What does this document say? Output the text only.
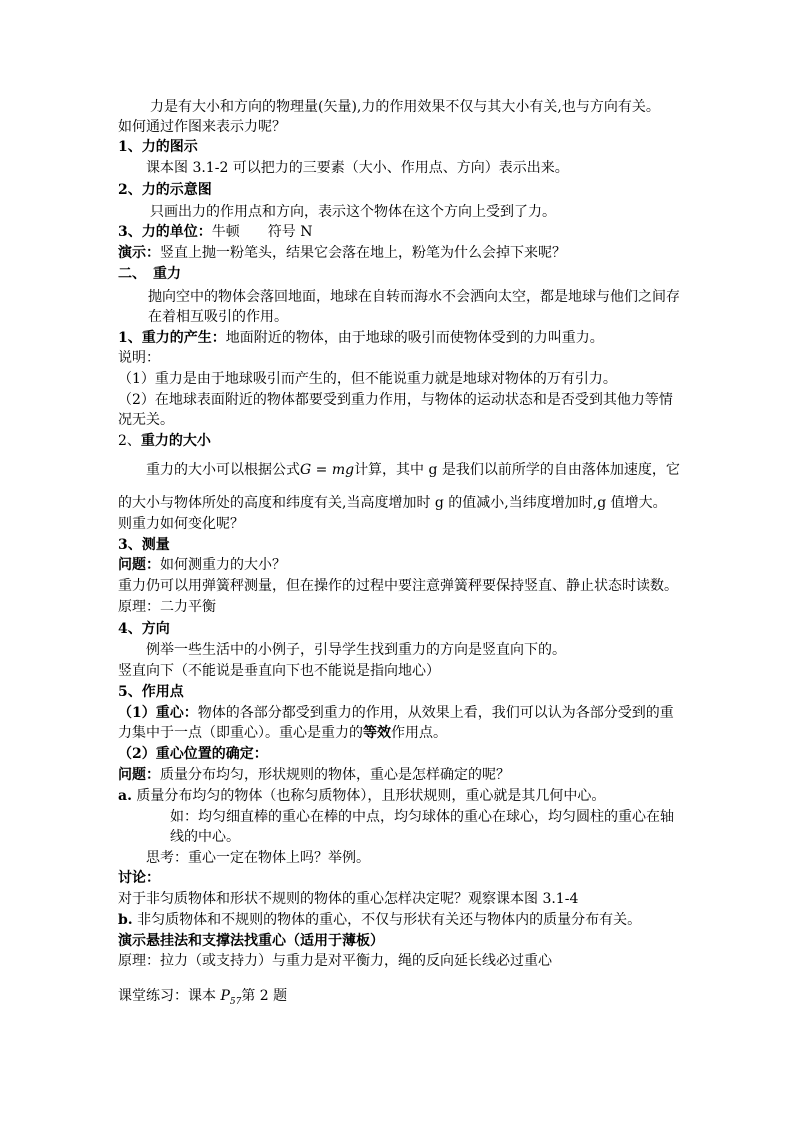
力是有大小和方向的物理量(矢量),力的作用效果不仅与其大小有关,也与方向有关。
如何通过作图来表示力呢？
1、力的图示
课本图 3.1-2 可以把力的三要素（大小、作用点、方向）表示出来。
2、力的示意图
只画出力的作用点和方向，表示这个物体在这个方向上受到了力。
3、力的单位：牛顿　　符号 N
演示：竖直上抛一粉笔头，结果它会落在地上，粉笔为什么会掉下来呢？
二、　重力
抛向空中的物体会落回地面，地球在自转而海水不会洒向太空，都是地球与他们之间存
在着相互吸引的作用。
1、重力的产生：地面附近的物体，由于地球的吸引而使物体受到的力叫重力。
说明：
（1）重力是由于地球吸引而产生的，但不能说重力就是地球对物体的万有引力。
（2）在地球表面附近的物体都要受到重力作用，与物体的运动状态和是否受到其他力等情
况无关。
2、重力的大小
重力的大小可以根据公式G = mg计算，其中 g 是我们以前所学的自由落体加速度，它
的大小与物体所处的高度和纬度有关,当高度增加时 g 的值减小,当纬度增加时,g 值增大。
则重力如何变化呢？
3、测量
问题：如何测重力的大小？
重力仍可以用弹簧秤测量，但在操作的过程中要注意弹簧秤要保持竖直、静止状态时读数。
原理：二力平衡
4、方向
例举一些生活中的小例子，引导学生找到重力的方向是竖直向下的。
竖直向下（不能说是垂直向下也不能说是指向地心）
5、作用点
（1）重心：物体的各部分都受到重力的作用，从效果上看，我们可以认为各部分受到的重
力集中于一点（即重心）。重心是重力的等效作用点。
（2）重心位置的确定：
问题：质量分布均匀，形状规则的物体，重心是怎样确定的呢？
a. 质量分布均匀的物体（也称匀质物体），且形状规则，重心就是其几何中心。
如：均匀细直棒的重心在棒的中点，均匀球体的重心在球心，均匀圆柱的重心在轴
线的中心。
思考：重心一定在物体上吗？举例。
讨论：
对于非匀质物体和形状不规则的物体的重心怎样决定呢？观察课本图 3.1-4
b. 非匀质物体和不规则的物体的重心，不仅与形状有关还与物体内的质量分布有关。
演示悬挂法和支撑法找重心（适用于薄板）
原理：拉力（或支持力）与重力是对平衡力，绳的反向延长线必过重心
课堂练习：课本 $P_{57}$第 2 题
